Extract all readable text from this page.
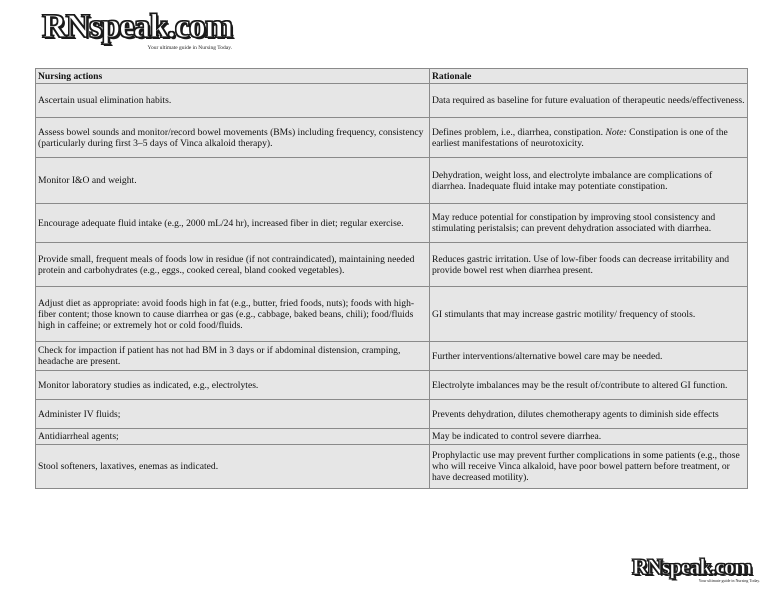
RNspeak.com
Your ultimate guide in Nursing Today.
Nursing actions	Rationale
Ascertain usual elimination habits.	Data required as baseline for future evaluation of therapeutic needs/effectiveness.
Assess bowel sounds and monitor/record bowel movements (BMs) including frequency, consistency (particularly during first 3–5 days of Vinca alkaloid therapy).	Defines problem, i.e., diarrhea, constipation. Note: Constipation is one of the earliest manifestations of neurotoxicity.
Monitor I&O and weight.	Dehydration, weight loss, and electrolyte imbalance are complications of diarrhea. Inadequate fluid intake may potentiate constipation.
Encourage adequate fluid intake (e.g., 2000 mL/24 hr), increased fiber in diet; regular exercise.	May reduce potential for constipation by improving stool consistency and stimulating peristalsis; can prevent dehydration associated with diarrhea.
Provide small, frequent meals of foods low in residue (if not contraindicated), maintaining needed protein and carbohydrates (e.g., eggs., cooked cereal, bland cooked vegetables).	Reduces gastric irritation. Use of low-fiber foods can decrease irritability and provide bowel rest when diarrhea present.
Adjust diet as appropriate: avoid foods high in fat (e.g., butter, fried foods, nuts); foods with high-fiber content; those known to cause diarrhea or gas (e.g., cabbage, baked beans, chili); food/fluids high in caffeine; or extremely hot or cold food/fluids.	GI stimulants that may increase gastric motility/ frequency of stools.
Check for impaction if patient has not had BM in 3 days or if abdominal distension, cramping, headache are present.	Further interventions/alternative bowel care may be needed.
Monitor laboratory studies as indicated, e.g., electrolytes.	Electrolyte imbalances may be the result of/contribute to altered GI function.
Administer IV fluids;	Prevents dehydration, dilutes chemotherapy agents to diminish side effects
Antidiarrheal agents;	May be indicated to control severe diarrhea.
Stool softeners, laxatives, enemas as indicated.	Prophylactic use may prevent further complications in some patients (e.g., those who will receive Vinca alkaloid, have poor bowel pattern before treatment, or have decreased motility).
RNspeak.com
Your ultimate guide in Nursing Today.
